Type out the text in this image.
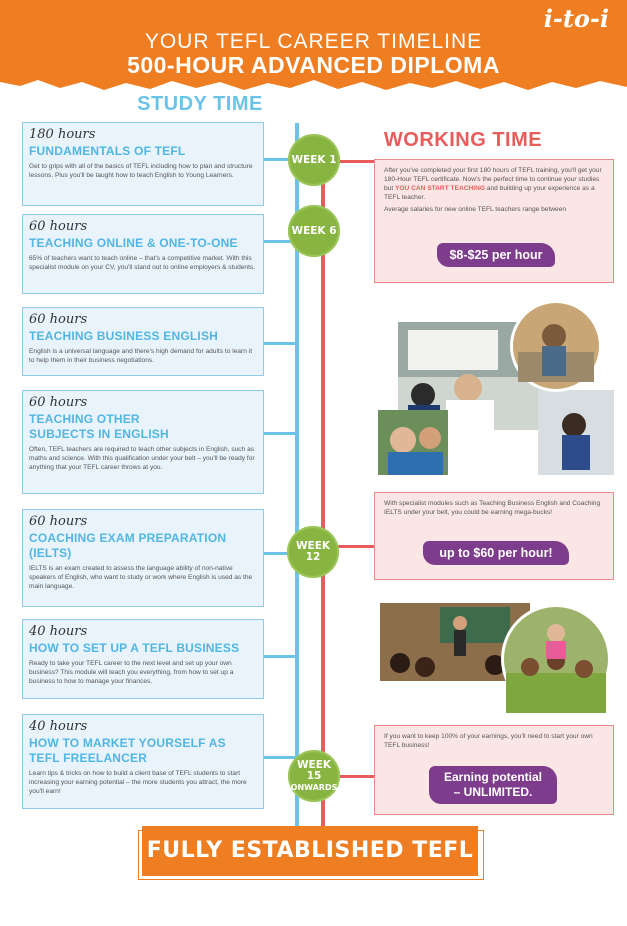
i-to-i
YOUR TEFL CAREER TIMELINE
500-HOUR ADVANCED DIPLOMA
STUDY TIME
WORKING TIME
WEEK 1
WEEK 6
WEEK 12
WEEK 15
ONWARDS
180 hours
FUNDAMENTALS OF TEFL
Get to grips with all of the basics of TEFL including how to plan and structure lessons. Plus you'll be taught how to teach English to Young Learners.
60 hours
TEACHING ONLINE & ONE-TO-ONE
65% of teachers want to teach online – that's a competitive market. With this specialist module on your CV, you'll stand out to online employers & students.
60 hours
TEACHING BUSINESS ENGLISH
English is a universal language and there's high demand for adults to learn it to help them in their business negotiations.
60 hours
TEACHING OTHER SUBJECTS IN ENGLISH
Often, TEFL teachers are required to teach other subjects in English, such as maths and science. With this qualification under your belt – you'll be ready for anything that your TEFL career throws at you.
60 hours
COACHING EXAM PREPARATION (IELTS)
IELTS is an exam created to assess the language ability of non-native speakers of English, who want to study or work where English is used as the main language.
40 hours
HOW TO SET UP A TEFL BUSINESS
Ready to take your TEFL career to the next level and set up your own business? This module will teach you everything, from how to set up a business to how to manage your finances.
40 hours
HOW TO MARKET YOURSELF AS TEFL FREELANCER
Learn tips & tricks on how to build a client base of TEFL students to start increasing your earning potential – the more students you attract, the more you'll earn!
After you've completed your first 180 hours of TEFL training, you'll get your 180-Hour TEFL certificate. Now's the perfect time to continue your studies but YOU CAN START TEACHING and building up your experience as a TEFL teacher.
Average salaries for new online TEFL teachers range between
$8-$25 per hour
With specialist modules such as Teaching Business English and Coaching IELTS under your belt, you could be earning mega-bucks!
up to $60 per hour!
If you want to keep 100% of your earnings, you'll need to start your own TEFL business!
Earning potential
– UNLIMITED.
FULLY ESTABLISHED TEFL CAREER!
